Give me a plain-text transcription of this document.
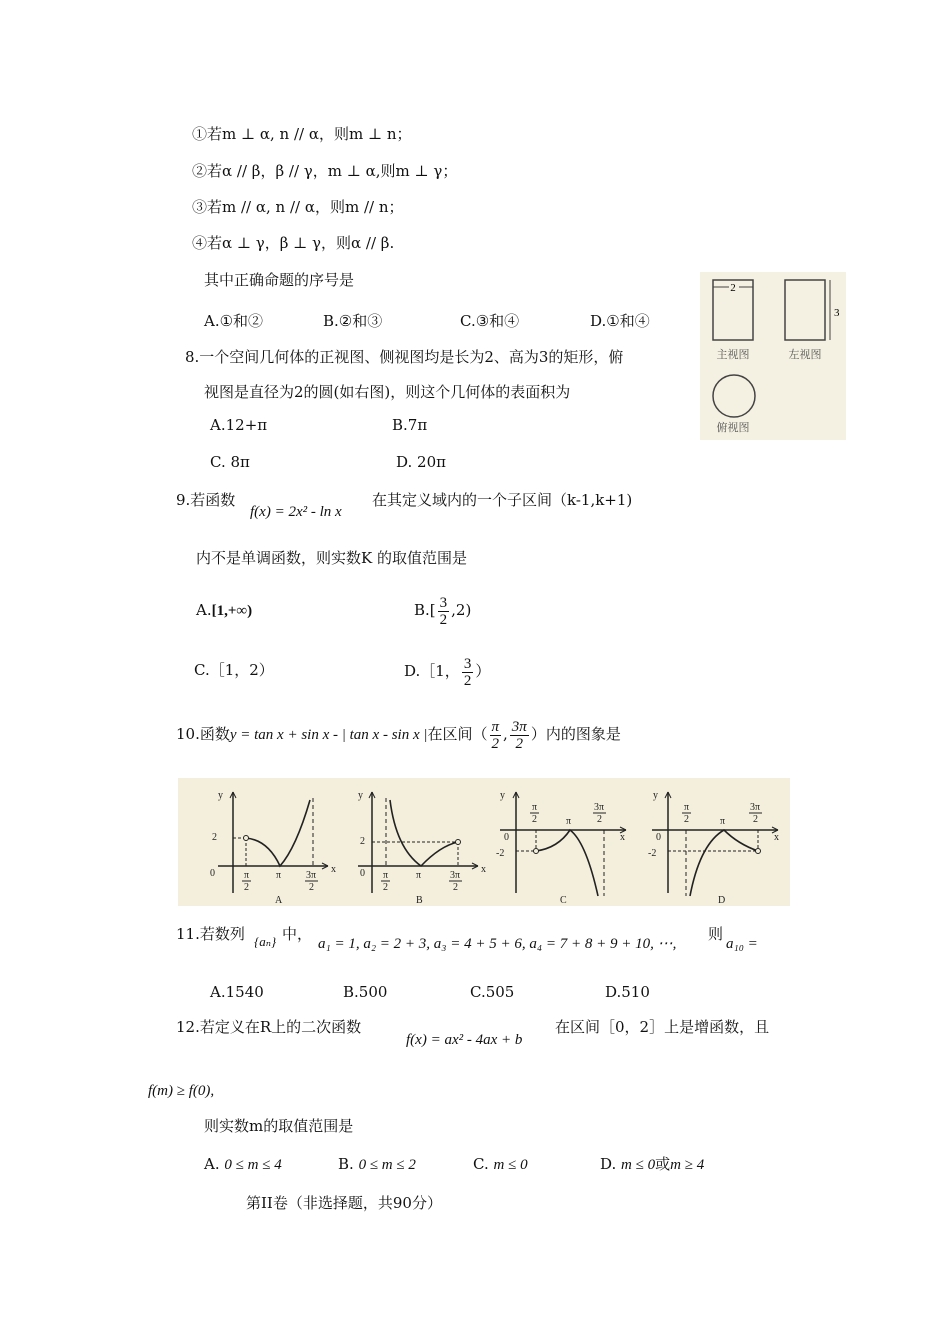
①若m ⊥ α, n // α，则m ⊥ n；
②若α // β，β // γ，m ⊥ α,则m ⊥ γ；
③若m // α, n // α，则m // n；
④若α ⊥ γ，β ⊥ γ，则α // β.
其中正确命题的序号是
A.①和②	B.②和③	C.③和④	D.①和④
2
3
主视图	左视图
俯视图
8.一个空间几何体的正视图、侧视图均是长为2、高为3的矩形，俯
视图是直径为2的圆(如右图)，则这个几何体的表面积为
A.12+π	B.7π
C. 8π	D. 20π
9.若函数
f(x) = 2x² - ln x
在其定义域内的一个子区间（k-1,k+1)
内不是单调函数，则实数K 的取值范围是
A.[1,+∞)	$B.[ \frac{3}{2} ,2)$
C.［1，2）	D.［1， $\frac{3}{2}$ ）
10.函数y = tan x + sin x - | tan x - sin x |在区间（ $\frac{\pi}{2}$ , $\frac{3\pi}{2}$ ）内的图象是
y
x
0
2
π
2
π 3π
2
A
y
x
0
2
π
2
π	3π
2
B
y
x
0
-2
π
2	π
3π
2
C
y
x
0
-2
π
2	π
3π
2
D
11.若数列 {aₙ} 中，
a₁ = 1, a₂ = 2 + 3, a₃ = 4 + 5 + 6, a₄ = 7 + 8 + 9 + 10, ⋯,
则
a₁₀ =
A.1540	B.500	C.505	D.510
12.若定义在R上的二次函数
f(x) = ax² - 4ax + b
在区间［0，2］上是增函数，且
f(m) ≥ f(0),
则实数m的取值范围是
A. 0 ≤ m ≤ 4	B. 0 ≤ m ≤ 2	C. m ≤ 0	D. m ≤ 0或m ≥ 4
第II卷（非选择题，共90分）
